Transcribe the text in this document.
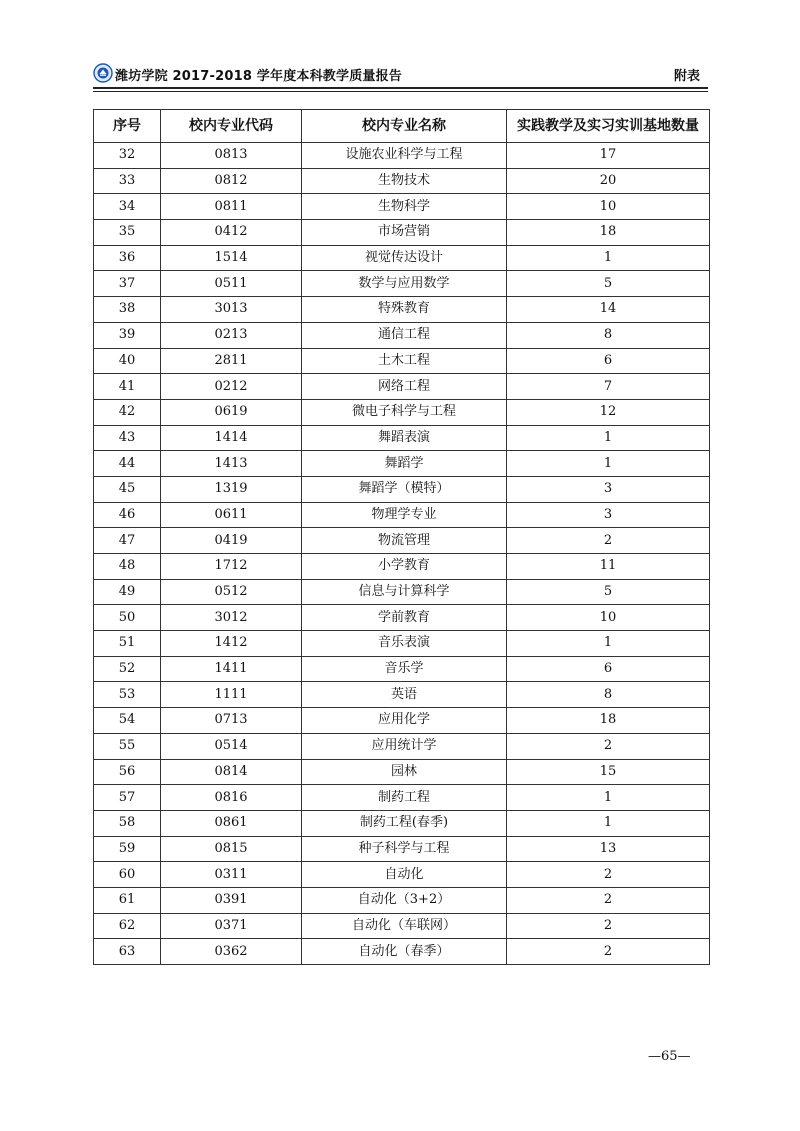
潍坊学院 2017-2018 学年度本科教学质量报告	附表
序号	校内专业代码	校内专业名称	实践教学及实习实训基地数量
32	0813	设施农业科学与工程	17
33	0812	生物技术	20
34	0811	生物科学	10
35	0412	市场营销	18
36	1514	视觉传达设计	1
37	0511	数学与应用数学	5
38	3013	特殊教育	14
39	0213	通信工程	8
40	2811	土木工程	6
41	0212	网络工程	7
42	0619	微电子科学与工程	12
43	1414	舞蹈表演	1
44	1413	舞蹈学	1
45	1319	舞蹈学（模特）	3
46	0611	物理学专业	3
47	0419	物流管理	2
48	1712	小学教育	11
49	0512	信息与计算科学	5
50	3012	学前教育	10
51	1412	音乐表演	1
52	1411	音乐学	6
53	1111	英语	8
54	0713	应用化学	18
55	0514	应用统计学	2
56	0814	园林	15
57	0816	制药工程	1
58	0861	制药工程(春季)	1
59	0815	种子科学与工程	13
60	0311	自动化	2
61	0391	自动化（3+2）	2
62	0371	自动化（车联网）	2
63	0362	自动化（春季）	2
—65—
